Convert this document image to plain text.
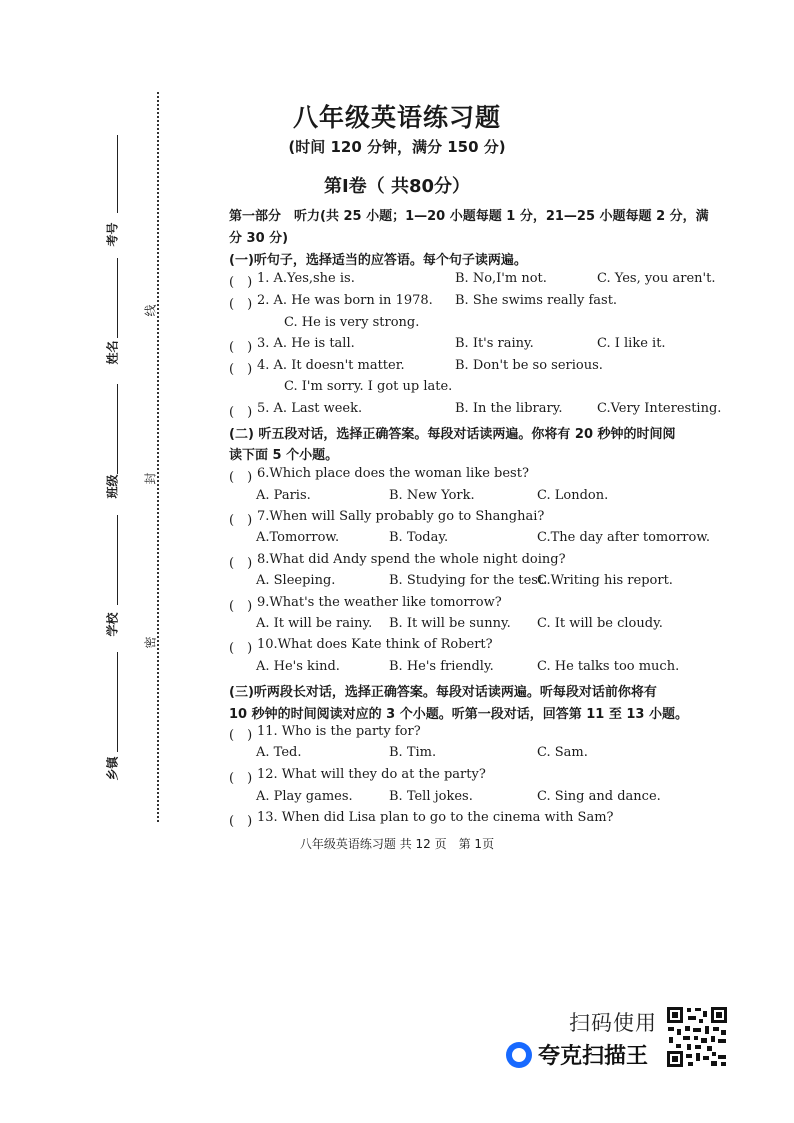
考号
姓名
班级
学校
乡镇
线
封
密
八年级英语练习题
(时间 120 分钟，满分 150 分)
第Ⅰ卷（ 共80分）
第一部分　听力(共 25 小题；1—20 小题每题 1 分，21—25 小题每题 2 分，满
分 30 分)
(一)听句子，选择适当的应答语。每个句子读两遍。
(　) 1. A.Yes,she is.	B. No,I'm not.	C. Yes, you aren't.
(　) 2. A. He was born in 1978. B. She swims really fast.
C. He is very strong.
(　) 3. A. He is tall.	B. It's rainy.	C. I like it.
(　) 4. A. It doesn't matter.	B. Don't be so serious.
C. I'm sorry. I got up late.
(　) 5. A. Last week.	B. In the library.	C.Very Interesting.
(二) 听五段对话，选择正确答案。每段对话读两遍。你将有 20 秒钟的时间阅
读下面 5 个小题。
(　) 6.Which place does the woman like best?
A. Paris.	B. New York.	C. London.
(　) 7.When will Sally probably go to Shanghai?
A.Tomorrow.	B. Today.	C.The day after tomorrow.
(　) 8.What did Andy spend the whole night doing?
A. Sleeping.	B. Studying for the test.
C.Writing his report.
(　) 9.What's the weather like tomorrow?
A. It will be rainy. B. It will be sunny. C. It will be cloudy.
(　) 10.What does Kate think of Robert?
A. He's kind.	B. He's friendly.	C. He talks too much.
(三)听两段长对话，选择正确答案。每段对话读两遍。听每段对话前你将有
10 秒钟的时间阅读对应的 3 个小题。听第一段对话，回答第 11 至 13 小题。
(　) 11. Who is the party for?
A. Ted.	B. Tim.	C. Sam.
(　) 12. What will they do at the party?
A. Play games.	B. Tell jokes.	C. Sing and dance.
(　) 13. When did Lisa plan to go to the cinema with Sam?
八年级英语练习题 共 12 页　第 1页
扫码使用
夸克扫描王
